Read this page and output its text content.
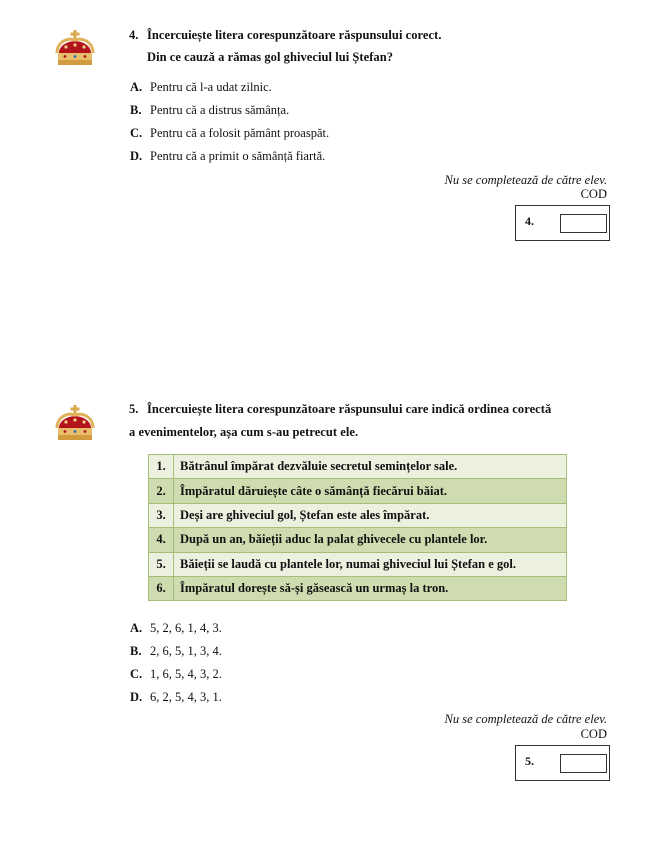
4. Încercuiește litera corespunzătoare răspunsului corect.
Din ce cauză a rămas gol ghiveciul lui Ștefan?
A. Pentru că l-a udat zilnic.
B. Pentru că a distrus sămânța.
C. Pentru că a folosit pământ proaspăt.
D. Pentru că a primit o sămânță fiartă.
Nu se completează de către elev.
COD
4.
5. Încercuiește litera corespunzătoare răspunsului care indică ordinea corectă
a evenimentelor, așa cum s-au petrecut ele.
1.	Bătrânul împărat dezvăluie secretul semințelor sale.
2.	Împăratul dăruiește câte o sămânță fiecărui băiat.
3.	Deși are ghiveciul gol, Ștefan este ales împărat.
4.	După un an, băieții aduc la palat ghivecele cu plantele lor.
5.	Băieții se laudă cu plantele lor, numai ghiveciul lui Ștefan e gol.
6.	Împăratul dorește să-și găsească un urmaș la tron.
A. 5, 2, 6, 1, 4, 3.
B. 2, 6, 5, 1, 3, 4.
C. 1, 6, 5, 4, 3, 2.
D. 6, 2, 5, 4, 3, 1.
Nu se completează de către elev.
COD
5.
